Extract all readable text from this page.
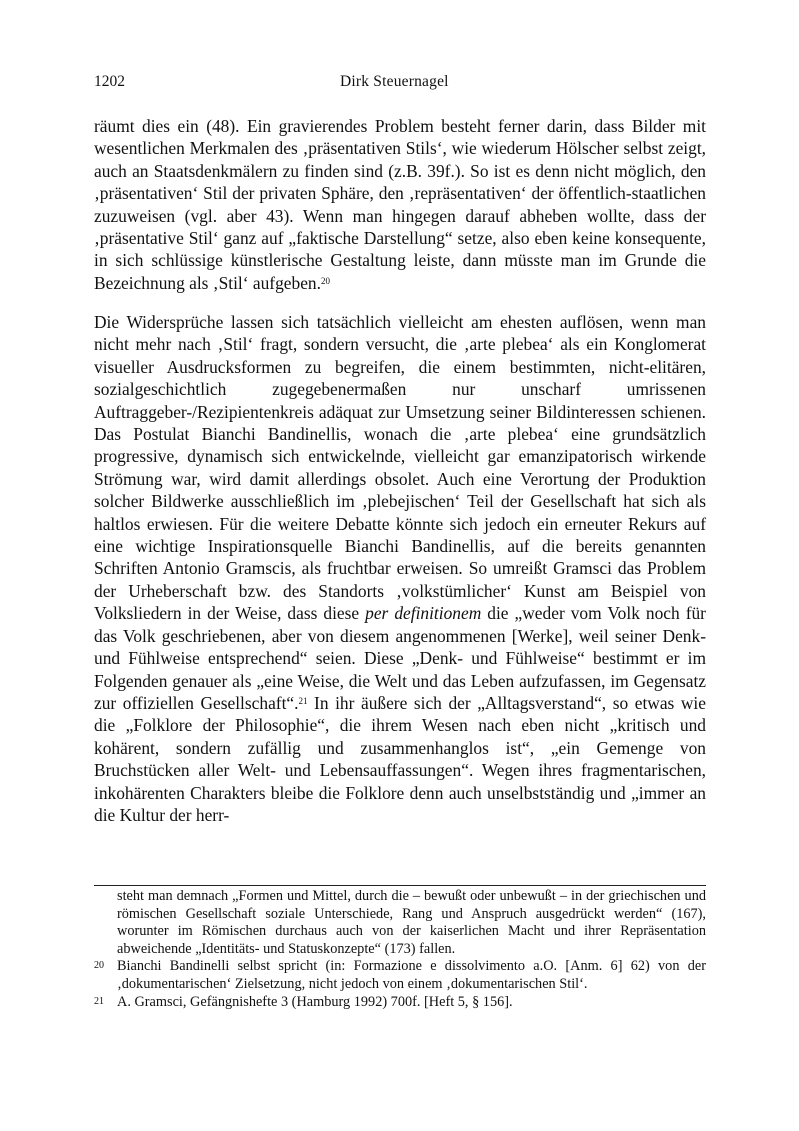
1202	Dirk Steuernagel

räumt dies ein (48). Ein gravierendes Problem besteht ferner darin, dass Bilder mit wesentlichen Merkmalen des ‚präsentativen Stils‘, wie wiederum Hölscher selbst zeigt, auch an Staatsdenkmälern zu finden sind (z.B. 39f.). So ist es denn nicht möglich, den ‚präsentativen‘ Stil der privaten Sphäre, den ‚repräsentativen‘ der öffentlich-staatlichen zuzuweisen (vgl. aber 43). Wenn man hingegen darauf abheben wollte, dass der ‚präsentative Stil‘ ganz auf „faktische Darstellung“ setze, also eben keine konsequente, in sich schlüssige künstlerische Gestaltung leiste, dann müsste man im Grunde die Bezeichnung als ‚Stil‘ aufgeben.$^{20}$

Die Widersprüche lassen sich tatsächlich vielleicht am ehesten auflösen, wenn man nicht mehr nach ‚Stil‘ fragt, sondern versucht, die ‚arte plebea‘ als ein Konglomerat visueller Ausdrucksformen zu begreifen, die einem bestimmten, nicht-elitären, sozialgeschichtlich zugegebenermaßen nur unscharf umrissenen Auftraggeber-/Rezipientenkreis adäquat zur Umsetzung seiner Bildinteressen schienen. Das Postulat Bianchi Bandinellis, wonach die ‚arte plebea‘ eine grundsätzlich progressive, dynamisch sich entwickelnde, vielleicht gar emanzipatorisch wirkende Strömung war, wird damit allerdings obsolet. Auch eine Verortung der Produktion solcher Bildwerke ausschließlich im ‚plebejischen‘ Teil der Gesellschaft hat sich als haltlos erwiesen. Für die weitere Debatte könnte sich jedoch ein erneuter Rekurs auf eine wichtige Inspirationsquelle Bianchi Bandinellis, auf die bereits genannten Schriften Antonio Gramscis, als fruchtbar erweisen. So umreißt Gramsci das Problem der Urheberschaft bzw. des Standorts ‚volkstümlicher‘ Kunst am Beispiel von Volksliedern in der Weise, dass diese per definitionem die „weder vom Volk noch für das Volk geschriebenen, aber von diesem angenommenen [Werke], weil seiner Denk- und Fühlweise entsprechend“ seien. Diese „Denk- und Fühlweise“ bestimmt er im Folgenden genauer als „eine Weise, die Welt und das Leben aufzufassen, im Gegensatz zur offiziellen Gesellschaft“.$^{21}$ In ihr äußere sich der „Alltagsverstand“, so etwas wie die „Folklore der Philosophie“, die ihrem Wesen nach eben nicht „kritisch und kohärent, sondern zufällig und zusammenhanglos ist“, „ein Gemenge von Bruchstücken aller Welt- und Lebensauffassungen“. Wegen ihres fragmentarischen, inkohärenten Charakters bleibe die Folklore denn auch unselbstständig und „immer an die Kultur der herr-

steht man demnach „Formen und Mittel, durch die – bewußt oder unbewußt – in der griechischen und römischen Gesellschaft soziale Unterschiede, Rang und Anspruch ausgedrückt werden“ (167), worunter im Römischen durchaus auch von der kaiserlichen Macht und ihrer Repräsentation abweichende „Identitäts- und Statuskonzepte“ (173) fallen.

20 Bianchi Bandinelli selbst spricht (in: Formazione e dissolvimento a.O. [Anm. 6] 62) von der ‚dokumentarischen‘ Zielsetzung, nicht jedoch von einem ‚dokumentarischen Stil‘.

21 A. Gramsci, Gefängnishefte 3 (Hamburg 1992) 700f. [Heft 5, § 156].
